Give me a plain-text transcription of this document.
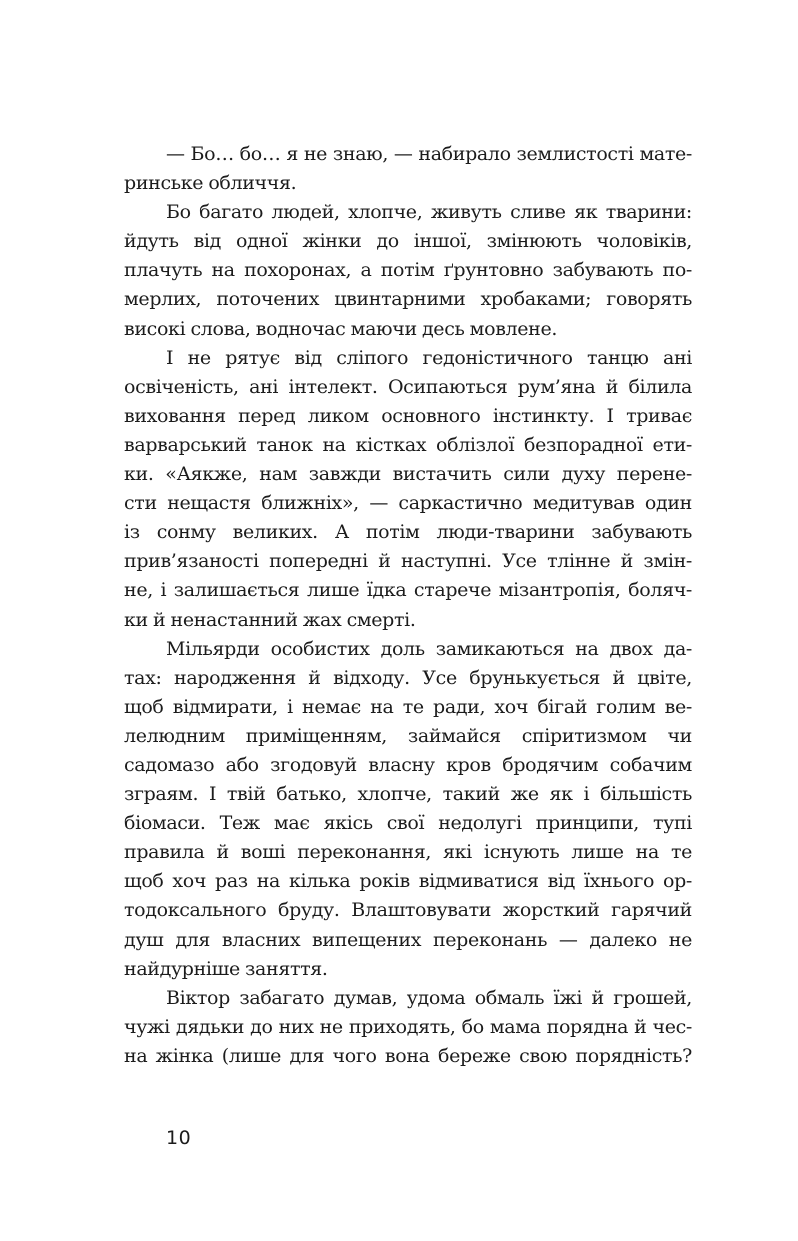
— Бо… бо… я не знаю, — набирало землистості мате-
ринське обличчя.
Бо багато людей, хлопче, живуть сливе як тварини:
йдуть від одної жінки до іншої, змінюють чоловіків,
плачуть на похоронах, а потім ґрунтовно забувають по-
мерлих, поточених цвинтарними хробаками; говорять
високі слова, водночас маючи десь мовлене.
І не рятує від сліпого гедоністичного танцю ані
освіченість, ані інтелект. Осипаються рум’яна й білила
виховання перед ликом основного інстинкту. І триває
варварський танок на кістках облізлої безпорадної ети-
ки. «Аякже, нам завжди вистачить сили духу перене-
сти нещастя ближніх», — саркастично медитував один
із сонму великих. А потім люди-тварини забувають
прив’язаності попередні й наступні. Усе тлінне й змін-
не, і залишається лише їдка старече мізантропія, боляч-
ки й ненастанний жах смерті.
Мільярди особистих доль замикаються на двох да-
тах: народження й відходу. Усе брунькується й цвіте,
щоб відмирати, і немає на те ради, хоч бігай голим ве-
лелюдним приміщенням, займайся спіритизмом чи
садомазо або згодовуй власну кров бродячим собачим
зграям. І твій батько, хлопче, такий же як і більшість
біомаси. Теж має якісь свої недолугі принципи, тупі
правила й воші переконання, які існують лише на те
щоб хоч раз на кілька років відмиватися від їхнього ор-
тодоксального бруду. Влаштовувати жорсткий гарячий
душ для власних випещених переконань — далеко не
найдурніше заняття.
Віктор забагато думав, удома обмаль їжі й грошей,
чужі дядьки до них не приходять, бо мама порядна й чес-
на жінка (лише для чого вона береже свою порядність?
10
